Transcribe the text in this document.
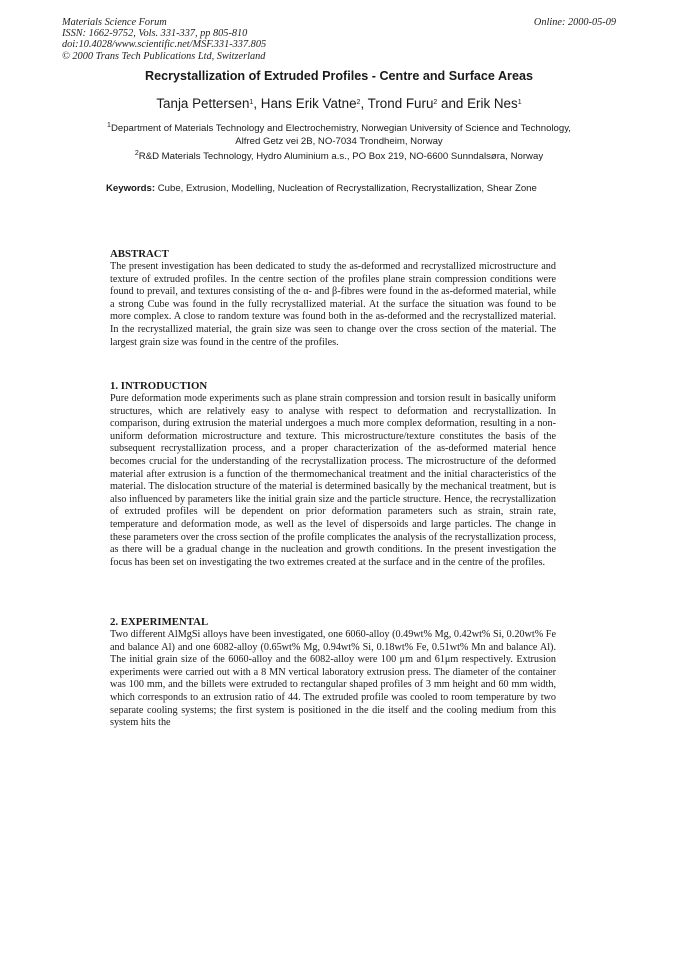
Materials Science Forum
ISSN: 1662-9752, Vols. 331-337, pp 805-810
doi:10.4028/www.scientific.net/MSF.331-337.805
© 2000 Trans Tech Publications Ltd, Switzerland
Online: 2000-05-09
Recrystallization of Extruded Profiles - Centre and Surface Areas
Tanja Pettersen$^1$, Hans Erik Vatne$^2$, Trond Furu$^2$ and Erik Nes$^1$
$^1$Department of Materials Technology and Electrochemistry, Norwegian University of Science and Technology, Alfred Getz vei 2B, NO-7034 Trondheim, Norway
$^2$R&D Materials Technology, Hydro Aluminium a.s., PO Box 219, NO-6600 Sunndalsøra, Norway
Keywords: Cube, Extrusion, Modelling, Nucleation of Recrystallization, Recrystallization, Shear Zone
ABSTRACT
The present investigation has been dedicated to study the as-deformed and recrystallized microstructure and texture of extruded profiles. In the centre section of the profiles plane strain compression conditions were found to prevail, and textures consisting of the α- and β-fibres were found in the as-deformed material, while a strong Cube was found in the fully recrystallized material. At the surface the situation was found to be more complex. A close to random texture was found both in the as-deformed and the recrystallized material. In the recrystallized material, the grain size was seen to change over the cross section of the material. The largest grain size was found in the centre of the profiles.
1. INTRODUCTION
Pure deformation mode experiments such as plane strain compression and torsion result in basically uniform structures, which are relatively easy to analyse with respect to deformation and recrystallization. In comparison, during extrusion the material undergoes a much more complex deformation, resulting in a non-uniform deformation microstructure and texture. This microstructure/texture constitutes the basis of the subsequent recrystallization process, and a proper characterization of the as-deformed material hence becomes crucial for the understanding of the recrystallization process. The microstructure of the deformed material after extrusion is a function of the thermomechanical treatment and the initial characteristics of the material. The dislocation structure of the material is determined basically by the mechanical treatment, but is also influenced by parameters like the initial grain size and the particle structure. Hence, the recrystallization of extruded profiles will be dependent on prior deformation parameters such as strain, strain rate, temperature and deformation mode, as well as the level of dispersoids and large particles. The change in these parameters over the cross section of the profile complicates the analysis of the recrystallization process, as there will be a gradual change in the nucleation and growth conditions. In the present investigation the focus has been set on investigating the two extremes created at the surface and in the centre of the profiles.
2. EXPERIMENTAL
Two different AlMgSi alloys have been investigated, one 6060-alloy (0.49wt% Mg, 0.42wt% Si, 0.20wt% Fe and balance Al) and one 6082-alloy (0.65wt% Mg, 0.94wt% Si, 0.18wt% Fe, 0.51wt% Mn and balance Al). The initial grain size of the 6060-alloy and the 6082-alloy were 100 μm and 61μm respectively. Extrusion experiments were carried out with a 8 MN vertical laboratory extrusion press. The diameter of the container was 100 mm, and the billets were extruded to rectangular shaped profiles of 3 mm height and 60 mm width, which corresponds to an extrusion ratio of 44. The extruded profile was cooled to room temperature by two separate cooling systems; the first system is positioned in the die itself and the cooling medium from this system hits the
